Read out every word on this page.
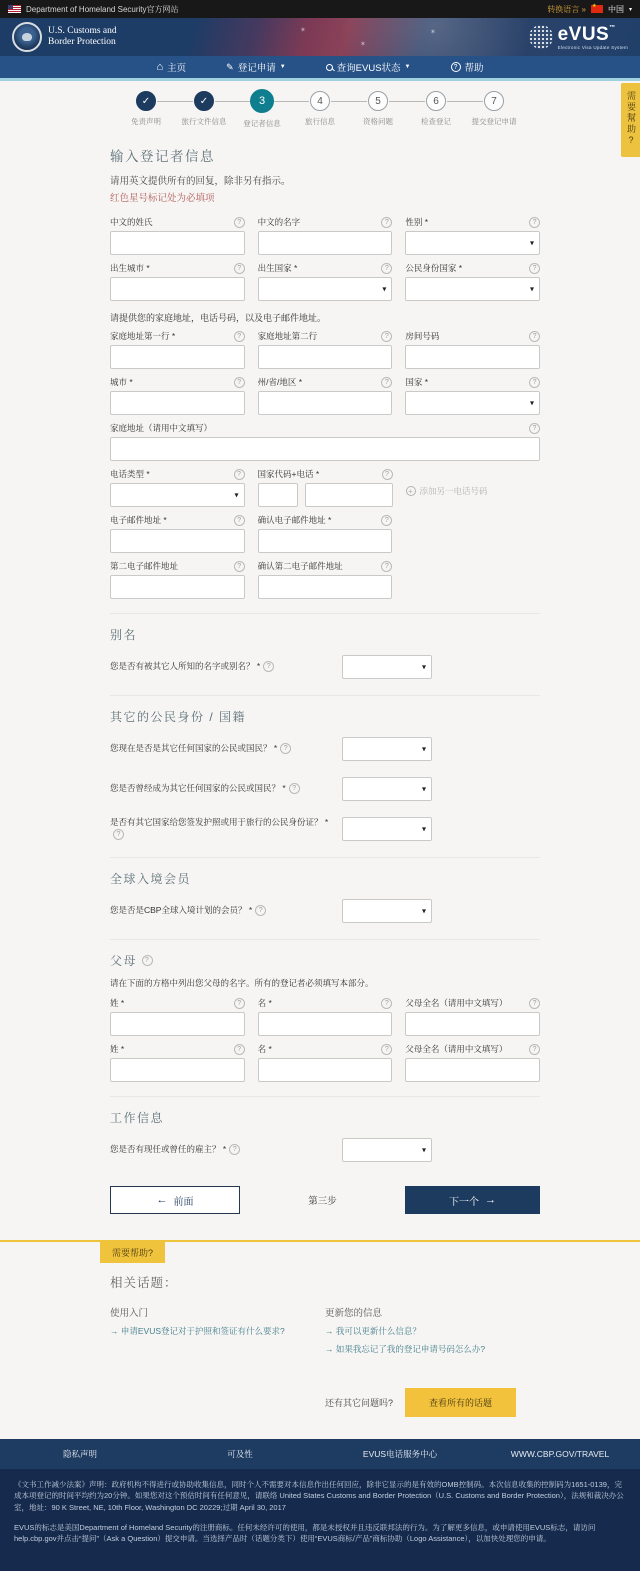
Department of Homeland Security官方网站	转换语言 » ★	中国 ▾
✶
✶
✶
U.S. Customs and
Border Protection	eVUS ™
Electronic Visa Update System
⌂ 主页	✎ 登记申请 ▼	查询EVUS状态 ▼	? 帮助
需要幫助?
✓
免责声明
✓	旅行文件信息
3
登记者信息
4
旅行信息
5
资格问题
6
检查登记
7
提交登记申请
输入登记者信息
请用英文提供所有的回复，除非另有指示。
红色星号标记处为必填项
中文的姓氏 ?	中文的名字 ?	性别 *
?
▾
出生城市 * ?	出生国家 * ?
▾	公民身份国家 *
?
▾
请提供您的家庭地址，电话号码，以及电子邮件地址。
家庭地址第一行 * ?	家庭地址第二行 ?	房间号码
?
城市 * ?	州/省/地区 * ?	国家 *
?
▾
家庭地址（请用中文填写）
?
电话类型 * ?
▾	国家代码+电话 *
?
+
添加另一电话号码
电子邮件地址 * ?	确认电子邮件地址 *
?
第二电子邮件地址 ?	确认第二电子邮件地址
?
别名
您是否有被其它人所知的名字或别名？ *?
▾
其它的公民身份 / 国籍
您现在是否是其它任何国家的公民或国民？ *?
▾
您是否曾经成为其它任何国家的公民或国民？ *?
▾
是否有其它国家给您签发护照或用于旅行的公民身份证？ *?
▾
全球入境会员
您是否是CBP全球入境计划的会员？ *?
▾
父母
?
请在下面的方格中列出您父母的名字。所有的登记者必须填写本部分。
姓 * ?	名 * ?	父母全名（请用中文填写）
?
姓 * ?	名 * ?	父母全名（请用中文填写）
?
工作信息
您是否有现任或曾任的雇主？ *?
▾
← 前面	第三步	下一个 →
需要帮助?
相关话题：
使用入门
→ 申请EVUS登记对于护照和签证有什么要求?
更新您的信息
→ 我可以更新什么信息？
→ 如果我忘记了我的登记申请号码怎么办?
还有其它问题吗?	查看所有的话题
隐私声明	可及性	EVUS电话服务中心	WWW.CBP.GOV/TRAVEL

《文书工作减少法案》声明：政府机构不得进行或协助收集信息，同时个人不需要对本信息作出任何回应，除非它显示的是有效的OMB控制码。本次信息收集的控制码为1651-0139，完成本项登记的时间平均约为20分钟。如果您对这个预估时间有任何意见，请联络 United States Customs and Border Protection（U.S. Customs and Border Protection），法规和裁决办公室，地址：90 K Street, NE, 10th Floor, Washington DC 20229;过期 April 30, 2017

EVUS的标志是美国Department of Homeland Security的注册商标。任何未经许可的使用，都是未授权并且违反联邦法的行为。为了解更多信息，或申请使用EVUS标志，请访问help.cbp.gov并点击“提问”（Ask a Question）提交申请。当选择产品时（话题分类下）使用“EVUS商标/产品”商标协助（Logo Assistance），以加快处理您的申请。
